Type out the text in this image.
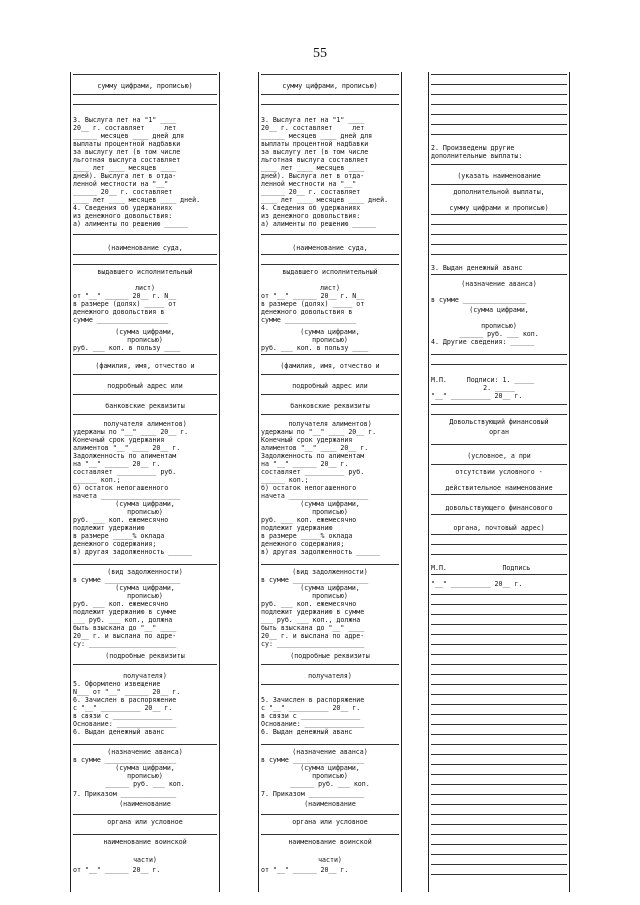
55
сумму цифрами, прописью)
3. Выслуга лет на "1" ____
20__ г. составляет     лет
______ месяцев ____ дней для
выплаты процентной надбавки
за выслугу лет (в том числе
льготная выслуга составляет
____ лет ____ месяцев ____
дней). Выслуга лет в отда-
ленной местности на "__"
______ 20__ г. составляет
____ лет ____ месяцев ____ дней.
4. Сведения об удержаниях
из денежного довольствия:
а) алименты по решению ______
(наименование суда,
выдавшего исполнительный
лист)
от "__" ______ 20__ г. N__
в размере (долях) _____ от
денежного довольствия в
сумме __________________
(сумма цифрами,
прописью)
руб. ___ коп. в пользу ____
(фамилия, имя, отчество и
подробный адрес или
банковские реквизиты
получателя алиментов)
удержаны по "__" ____ 20__ г.
Конечный срок удержания
алиментов "__" ____ 20__ г.
Задолженность по алиментам
на "__" ______ 20__ г.
составляет __________ руб.
______ коп.;
б) остаток непогашенного
начета ____________________
(сумма цифрами,
прописью)
руб. ___ коп. ежемесячно
подлежит удержанию
в размере _____% оклада
денежного содержания;
в) другая задолженность ______
(вид задолженности)
в сумме ___________________
(сумма цифрами,
прописью)
руб. ___ коп. ежемесячно
подлежит удержанию в сумме
___ руб. ___ коп., должна
быть взыскана до "__" ____
20__ г. и выслана по адре-
су: ______________________
(подробные реквизиты
получателя)
5. Оформлено извещение
N___ от "__" ______ 20__ г.
6. Зачислен в распоряжение
с "__" __________ 20__ г.
в связи с _______________
Основание: _______________
6. Выдан денежный аванс
(назначение аванса)
в сумме __________________
(сумма цифрами,
прописью)
______ руб. ___ коп.
7. Приказом ______________
(наименование
органа или условное
наименование воинской
части)
от "__" ______ 20__ г.
сумму цифрами, прописью)
3. Выслуга лет на "1" ____
20__ г. составляет     лет
______ месяцев ____ дней для
выплаты процентной надбавки
за выслугу лет (в том числе
льготная выслуга составляет
____ лет ____ месяцев ____
дней). Выслуга лет в отда-
ленной местности на "__"
______ 20__ г. составляет
____ лет ____ месяцев ____ дней.
4. Сведения об удержаниях
из денежного довольствия:
а) алименты по решению ______
(наименование суда,
выдавшего исполнительный
лист)
от "__" ______ 20__ г. N__
в размере (долях) _____ от
денежного довольствия в
сумме __________________
(сумма цифрами,
прописью)
руб. ___ коп. в пользу ____
(фамилия, имя, отчество и
подробный адрес или
банковские реквизиты
получателя алиментов)
удержаны по "__" ____ 20__ г.
Конечный срок удержания
алиментов "__" ____ 20__ г.
Задолженность по алиментам
на "__" ______ 20__ г.
составляет __________ руб.
______ коп.;
б) остаток непогашенного
начета ____________________
(сумма цифрами,
прописью)
руб. ___ коп. ежемесячно
подлежит удержанию
в размере _____% оклада
денежного содержания;
в) другая задолженность ______
(вид задолженности)
в сумме ___________________
(сумма цифрами,
прописью)
руб. ___ коп. ежемесячно
подлежит удержанию в сумме
___ руб. ___ коп., должна
быть взыскана до "__" ____
20__ г. и выслана по адре-
су: ______________________
(подробные реквизиты
получателя)
5. Зачислен в распоряжение
с "__" __________ 20__ г.
в связи с _______________
Основание: _______________
6. Выдан денежный аванс
(назначение аванса)
в сумме __________________
(сумма цифрами,
прописью)
______ руб. ___ коп.
7. Приказом ______________
(наименование
органа или условное
наименование воинской
части)
от "__" ______ 20__ г.
2. Произведены другие
дополнительные выплаты:
(указать наименование
дополнительной выплаты,
сумму цифрами и прописью)
3. Выдан денежный аванс
(назначение аванса)
в сумме ________________
(сумма цифрами,
прописью)
______ руб. ___ коп.
4. Другие сведения: ______
М.П.     Подписи: 1. _____
2. _____
"__" __________ 20__ г.
Довольствующий финансовый
орган
(условное, а при
отсутствии условного -
действительное наименование
довольствующего финансового
органа, почтовый адрес)
М.П.              Подпись
"__" __________ 20__ г.
